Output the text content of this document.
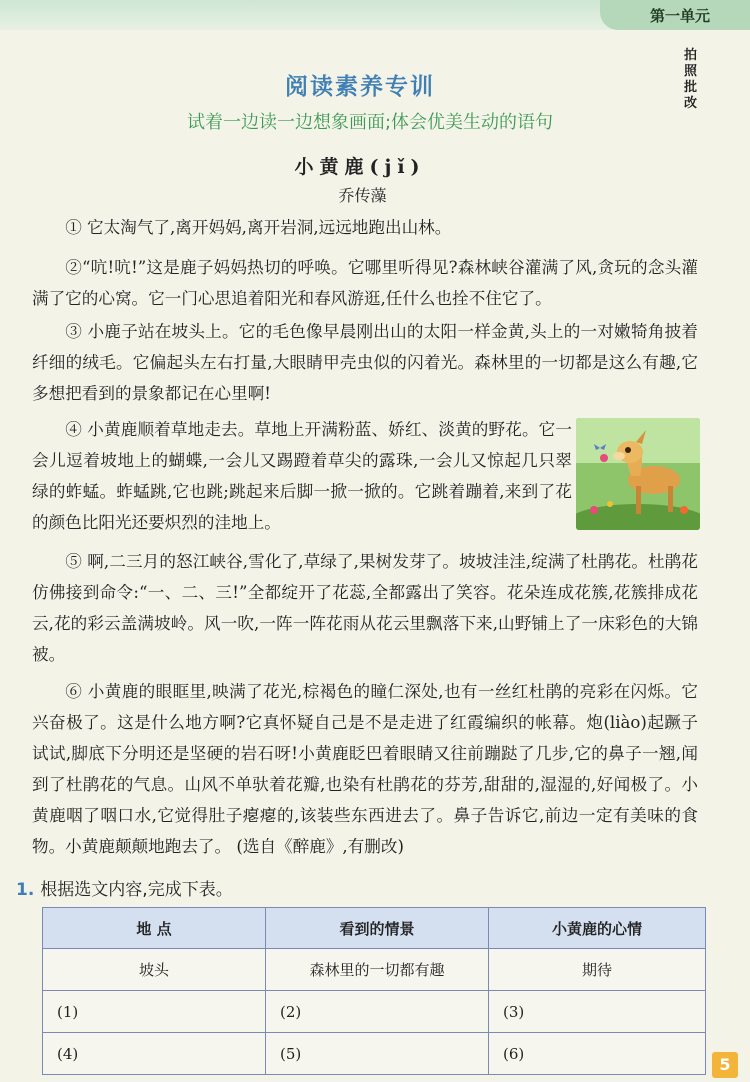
第一单元
拍照批改
阅读素养专训
试着一边读一边想象画面;体会优美生动的语句
小黄鹿(jǐ)
乔传藻

① 它太淘气了,离开妈妈,离开岩洞,远远地跑出山林。

②“吭!吭!”这是鹿子妈妈热切的呼唤。它哪里听得见?森林峡谷灌满了风,贪玩的念头灌满了它的心窝。它一门心思追着阳光和春风游逛,任什么也拴不住它了。

③ 小鹿子站在坡头上。它的毛色像早晨刚出山的太阳一样金黄,头上的一对嫩犄角披着纤细的绒毛。它偏起头左右打量,大眼睛甲壳虫似的闪着光。森林里的一切都是这么有趣,它多想把看到的景象都记在心里啊!

④ 小黄鹿顺着草地走去。草地上开满粉蓝、娇红、淡黄的野花。它一会儿逗着坡地上的蝴蝶,一会儿又踢蹬着草尖的露珠,一会儿又惊起几只翠绿的蚱蜢。蚱蜢跳,它也跳;跳起来后脚一掀一掀的。它跳着蹦着,来到了花的颜色比阳光还要炽烈的洼地上。

⑤ 啊,二三月的怒江峡谷,雪化了,草绿了,果树发芽了。坡坡洼洼,绽满了杜鹃花。杜鹃花仿佛接到命令:“一、二、三!”全都绽开了花蕊,全都露出了笑容。花朵连成花簇,花簇排成花云,花的彩云盖满坡岭。风一吹,一阵一阵花雨从花云里飘落下来,山野铺上了一床彩色的大锦被。

⑥ 小黄鹿的眼眶里,映满了花光,棕褐色的瞳仁深处,也有一丝红杜鹃的亮彩在闪烁。它兴奋极了。这是什么地方啊?它真怀疑自己是不是走进了红霞编织的帐幕。炮(liào)起蹶子试试,脚底下分明还是坚硬的岩石呀!小黄鹿眨巴着眼睛又往前蹦跶了几步,它的鼻子一翘,闻到了杜鹃花的气息。山风不单驮着花瓣,也染有杜鹃花的芬芳,甜甜的,湿湿的,好闻极了。小黄鹿咽了咽口水,它觉得肚子瘪瘪的,该装些东西进去了。鼻子告诉它,前边一定有美味的食物。小黄鹿颠颠地跑去了。 (选自《醉鹿》,有删改)

1. 根据选文内容,完成下表。
地 点	看到的情景	小黄鹿的心情
坡头	森林里的一切都有趣	期待
(1)	(2)	(3)
(4)	(5)	(6)
5
